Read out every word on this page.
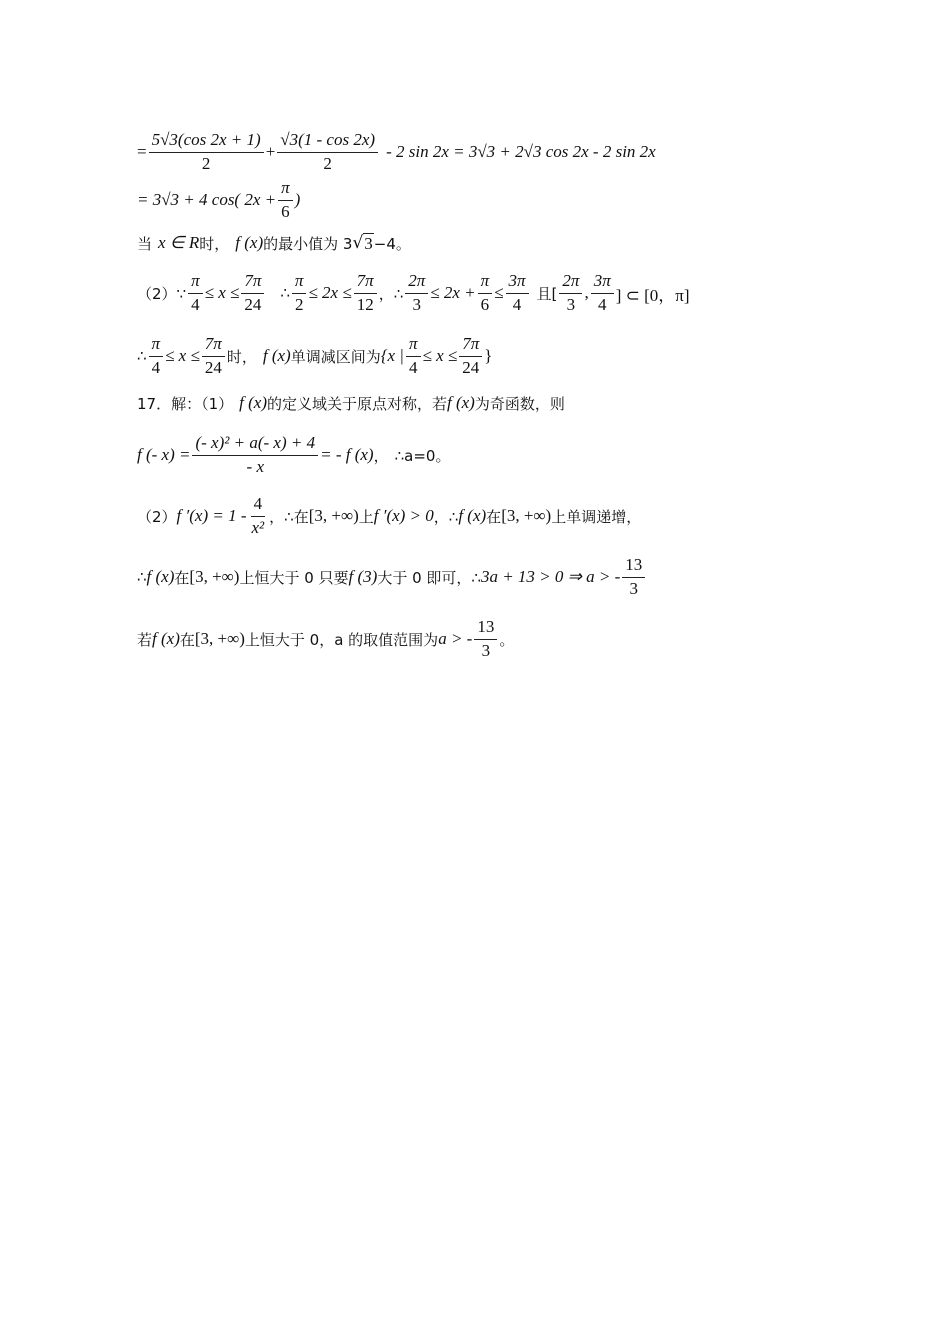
= $\frac{5√3(\cos 2x + 1)}{2} + \frac{√3(1 - \cos 2x)}{2} - 2$ sin 2x = 3√3 + 2√3 cos 2x - 2 sin 2x
= 3√3 + 4 cos( $2x + \frac{\pi}{6}$ )
当 x ∈ R 时， f (x) 的最小值为 3 √ 3 −4。
（2）∵ $\frac{\pi}{4} \le x \le \frac{7\pi}{24}$ ∴ $\frac{\pi}{2} \le 2x \le \frac{7\pi}{12}$ ，∴ $\frac{2\pi}{3} \le 2x + \frac{\pi}{6} \le \frac{3\pi}{4}$ 且[ $\frac{2\pi}{3}$ , $\frac{3\pi}{4}$ ] ⊂ [0，π]
∴ $\frac{\pi}{4} \le x \le \frac{7\pi}{24}$ 时， f (x) 单调减区间为 {x | $\frac{\pi}{4} \le x \le \frac{7\pi}{24}$ }
17．解：（1） f (x) 的定义域关于原点对称，若 f (x) 为奇函数，则
f (- $x) = \frac{\text{(- x)² + a(- x) + 4}}{- x}$ = - f (x) ， ∴a=0。
（2） f $'(x) = 1 - \frac{4}{\text{x²}}$ ，∴在 [3, +∞) 上 f ′(x) > 0 ，∴ f (x) 在 [3, +∞) 上单调递增，
∴ f (x) 在 [3, +∞) 上恒大于 0 只要 f (3) 大于 0 即可，∴ 3a + 13 > 0 ⇒ a > - $\frac{13}{3}$
若 f (x) 在 [3, +∞) 上恒大于 0，a 的取值范围为 a > - $\frac{13}{3}$ 。
